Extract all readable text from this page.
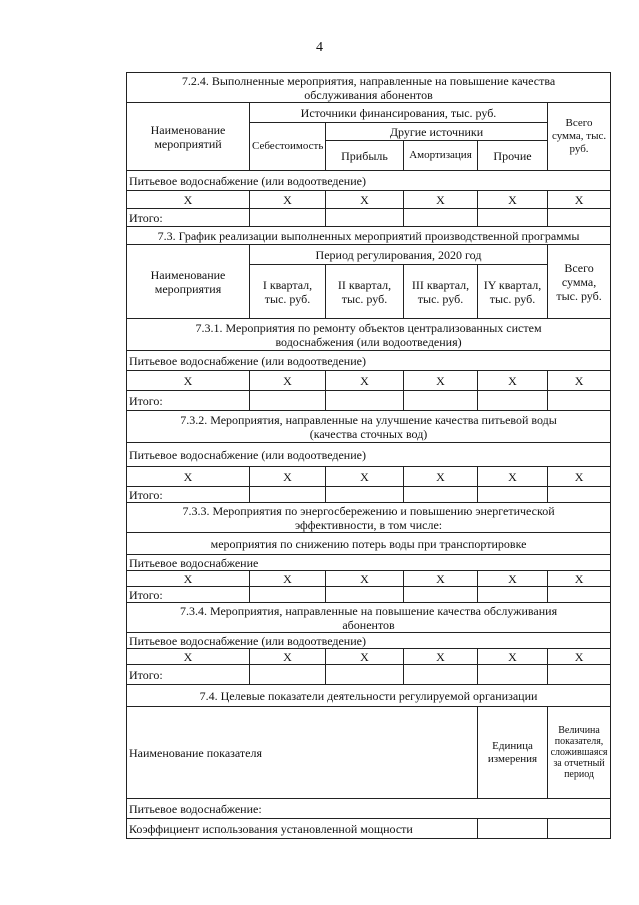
4
7.2.4. Выполненные мероприятия, направленные на повышение качества
обслуживания абонентов					

Наименование мероприятий	Источники финансирования, тыс. руб.				Всего сумма, тыс. руб.
	Себестоимость	Другие источники			
		Прибыль	Амортизация	Прочие	
Питьевое водоснабжение (или водоотведение)					
X	X	X	X	X	X
Итого:					
7.3. График реализации выполненных мероприятий производственной программы					
Наименование мероприятия	Период регулирования, 2020 год				Всего сумма, тыс. руб.
	I квартал, тыс. руб.	II квартал, тыс. руб.	III квартал, тыс. руб.	IY квартал, тыс. руб.	

7.3.1. Мероприятия по ремонту объектов централизованных систем
водоснабжения (или водоотведения)					

Питьевое водоснабжение (или водоотведение)					
X	X	X	X	X	X
Итого:					

7.3.2. Мероприятия, направленные на улучшение качества питьевой воды
(качества сточных вод)					

Питьевое водоснабжение (или водоотведение)					
X	X	X	X	X	X
Итого:					

7.3.3. Мероприятия по энергосбережению и повышению энергетической
эффективности, в том числе:					

мероприятия по снижению потерь воды при транспортировке					
Питьевое водоснабжение					
X	X	X	X	X	X
Итого:					

7.3.4. Мероприятия, направленные на повышение качества обслуживания
абонентов					

Питьевое водоснабжение (или водоотведение)					
X	X	X	X	X	X
Итого:					
7.4. Целевые показатели деятельности регулируемой организации					
Наименование показателя				Единица измерения	Величина показателя, сложившаяся за отчетный период
Питьевое водоснабжение:					
Коэффициент использования установленной мощности					
